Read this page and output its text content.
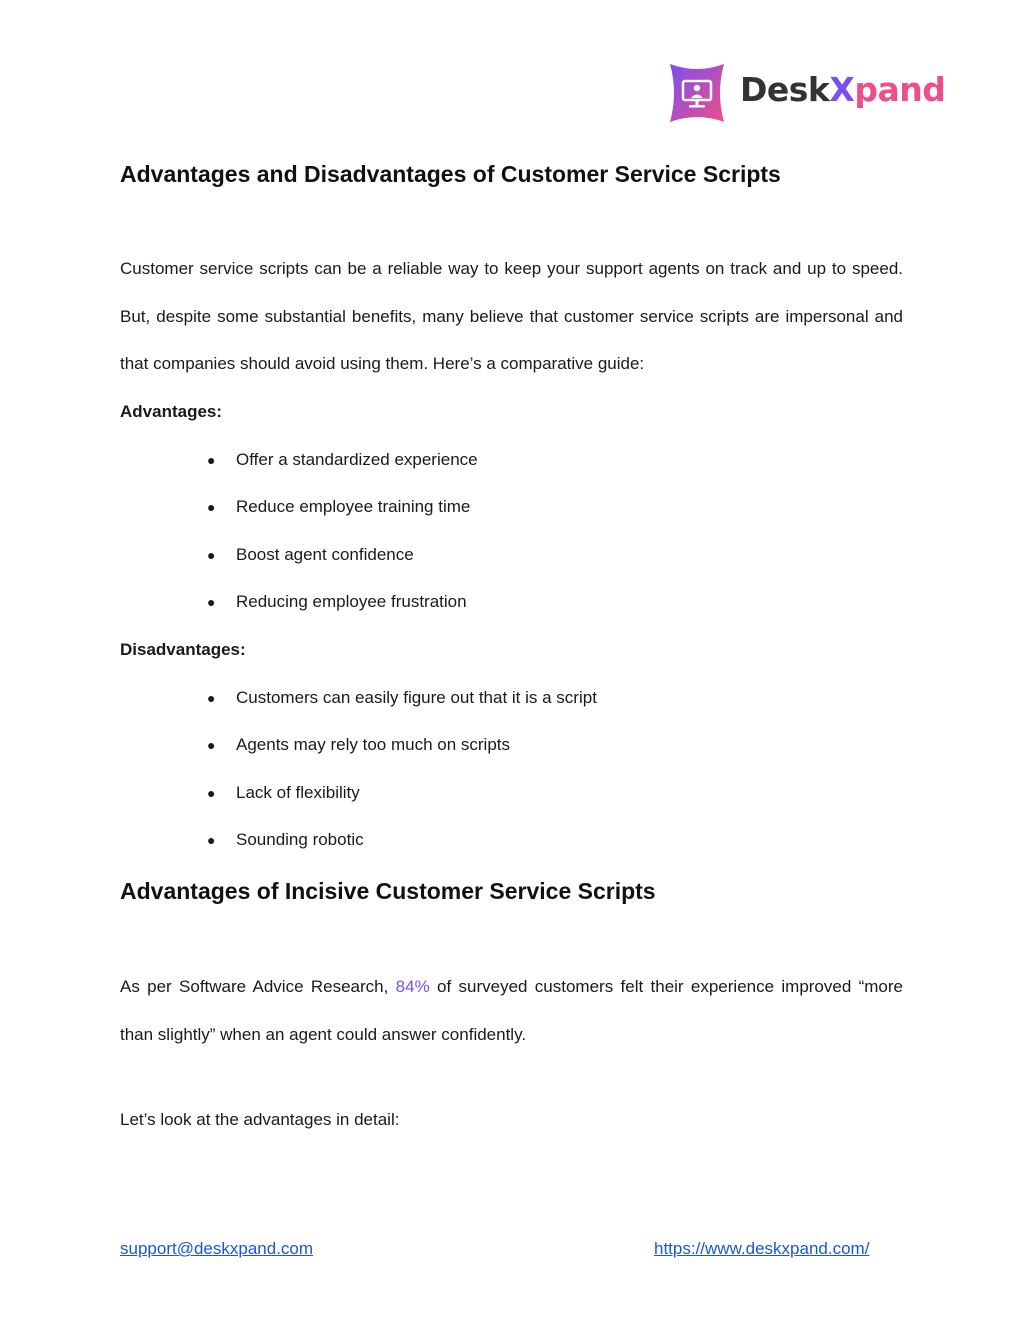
DeskXpand
Advantages and Disadvantages of Customer Service Scripts

Customer service scripts can be a reliable way to keep your support agents on track and up to speed. But, despite some substantial benefits, many believe that customer service scripts are impersonal and that companies should avoid using them. Here’s a comparative guide:

Advantages:
● Offer a standardized experience
● Reduce employee training time
● Boost agent confidence
● Reducing employee frustration
Disadvantages:
● Customers can easily figure out that it is a script
● Agents may rely too much on scripts
● Lack of flexibility
● Sounding robotic
Advantages of Incisive Customer Service Scripts

As per Software Advice Research, 84% of surveyed customers felt their experience improved “more than slightly” when an agent could answer confidently.

Let’s look at the advantages in detail:
support@deskxpand.com	https://www.deskxpand.com/
